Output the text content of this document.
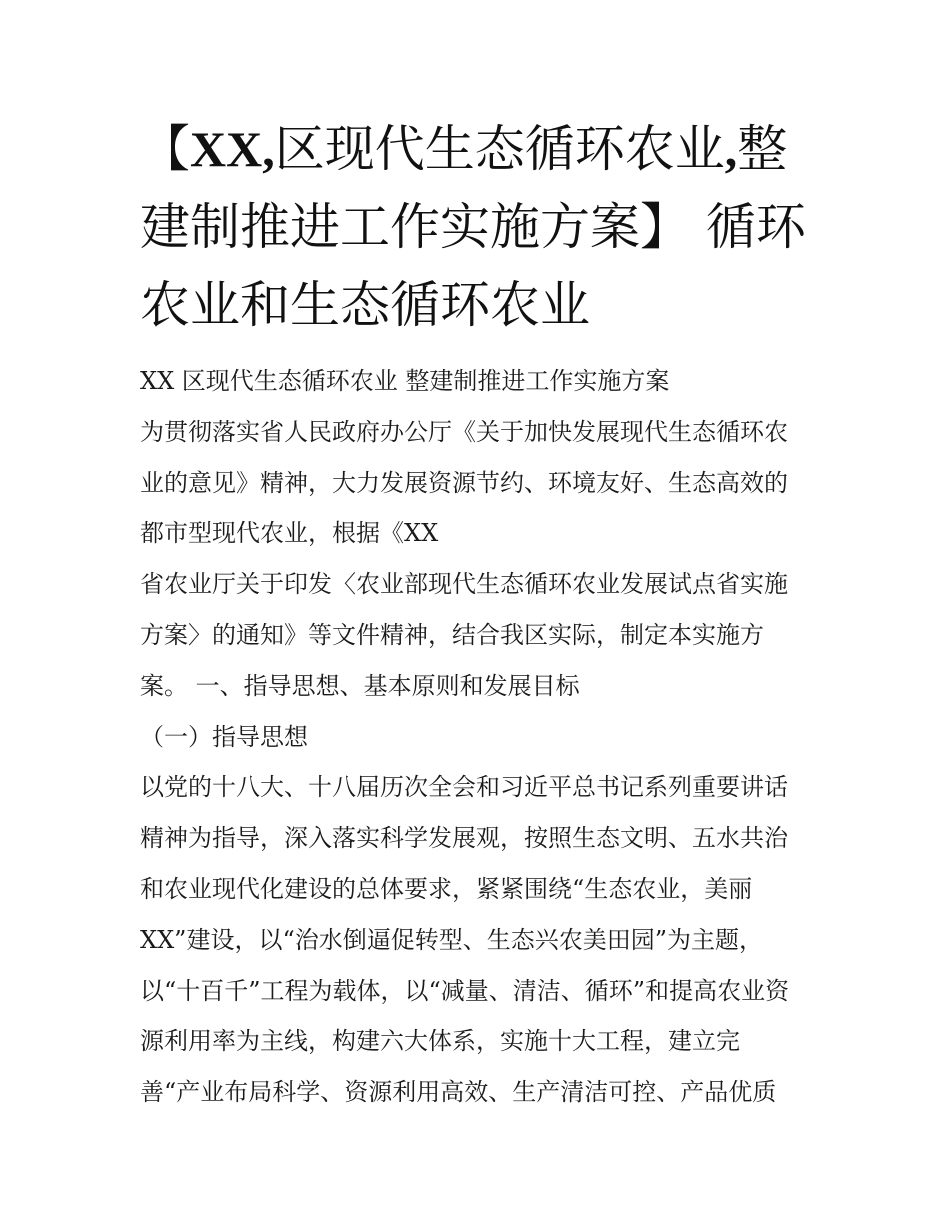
【XX,区现代生态循环农业,整
建制推进工作实施方案】 循环
农业和生态循环农业
XX 区现代生态循环农业 整建制推进工作实施方案
为贯彻落实省人民政府办公厅《关于加快发展现代生态循环农
业的意见》精神，大力发展资源节约、环境友好、生态高效的
都市型现代农业，根据《XX
省农业厅关于印发〈农业部现代生态循环农业发展试点省实施
方案〉的通知》等文件精神，结合我区实际，制定本实施方
案。 一、指导思想、基本原则和发展目标
（一）指导思想
以党的十八大、十八届历次全会和习近平总书记系列重要讲话
精神为指导，深入落实科学发展观，按照生态文明、五水共治
和农业现代化建设的总体要求，紧紧围绕“生态农业，美丽
XX”建设，以“治水倒逼促转型、生态兴农美田园”为主题，
以“十百千”工程为载体，以“减量、清洁、循环”和提高农业资
源利用率为主线，构建六大体系，实施十大工程，建立完
善“产业布局科学、资源利用高效、生产清洁可控、产品优质
